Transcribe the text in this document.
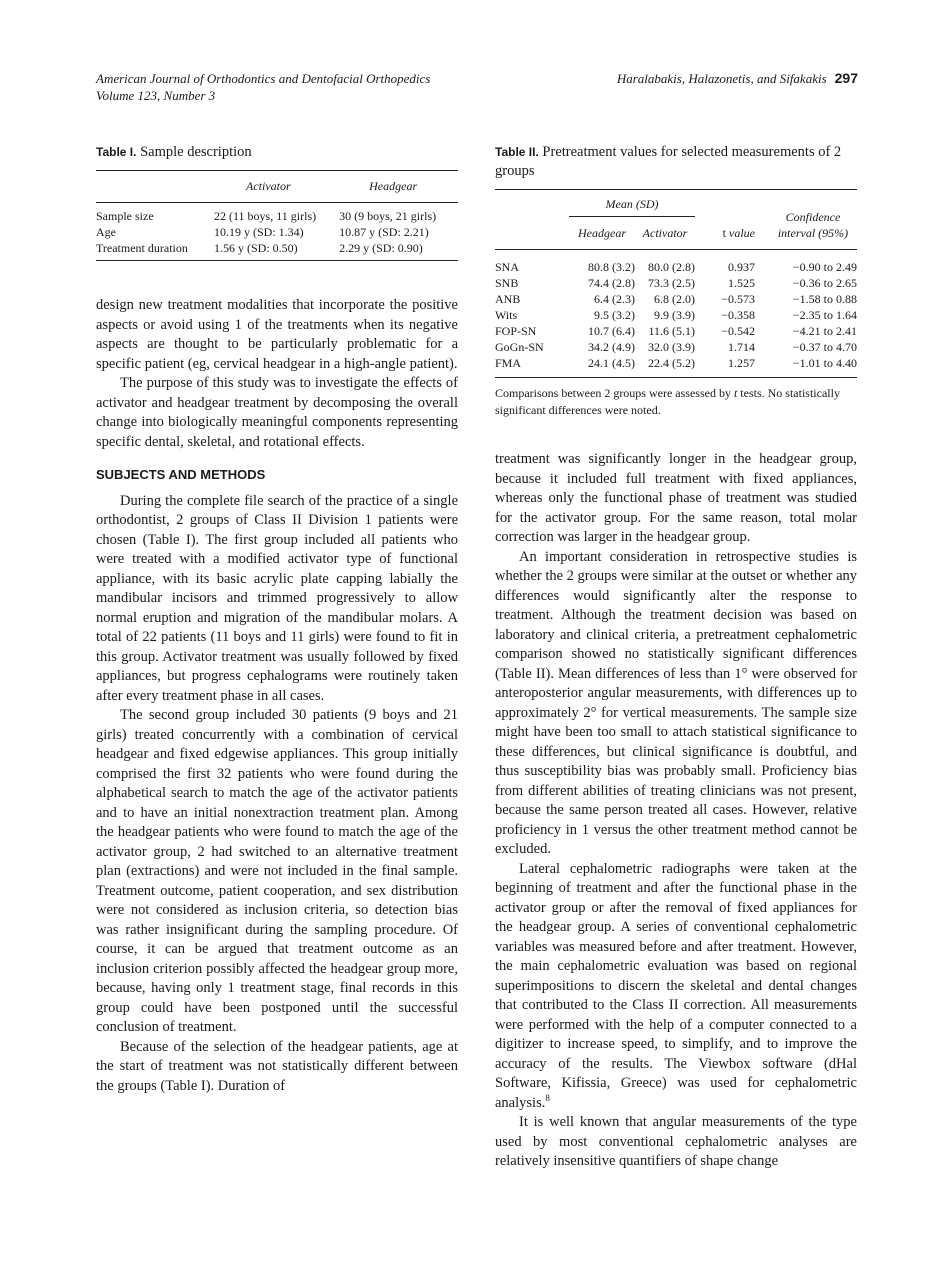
American Journal of Orthodontics and Dentofacial Orthopedics
Volume 123, Number 3
Haralabakis, Halazonetis, and Sifakakis 297
Table I. Sample description
	Activator	Headgear
Sample size	22 (11 boys, 11 girls)	30 (9 boys, 21 girls)
Age	10.19 y (SD: 1.34)	10.87 y (SD: 2.21)
Treatment duration	1.56 y (SD: 0.50)	2.29 y (SD: 0.90)

design new treatment modalities that incorporate the positive aspects or avoid using 1 of the treatments when its negative aspects are thought to be particularly problematic for a specific patient (eg, cervical headgear in a high-angle patient).

The purpose of this study was to investigate the effects of activator and headgear treatment by decomposing the overall change into biologically meaningful components representing specific dental, skeletal, and rotational effects.

SUBJECTS AND METHODS

During the complete file search of the practice of a single orthodontist, 2 groups of Class II Division 1 patients were chosen (Table I). The first group included all patients who were treated with a modified activator type of functional appliance, with its basic acrylic plate capping labially the mandibular incisors and trimmed progressively to allow normal eruption and migration of the mandibular molars. A total of 22 patients (11 boys and 11 girls) were found to fit in this group. Activator treatment was usually followed by fixed appliances, but progress cephalograms were routinely taken after every treatment phase in all cases.

The second group included 30 patients (9 boys and 21 girls) treated concurrently with a combination of cervical headgear and fixed edgewise appliances. This group initially comprised the first 32 patients who were found during the alphabetical search to match the age of the activator patients and to have an initial nonextraction treatment plan. Among the headgear patients who were found to match the age of the activator group, 2 had switched to an alternative treatment plan (extractions) and were not included in the final sample. Treatment outcome, patient cooperation, and sex distribution were not considered as inclusion criteria, so detection bias was rather insignificant during the sampling procedure. Of course, it can be argued that treatment outcome as an inclusion criterion possibly affected the headgear group more, because, having only 1 treatment stage, final records in this group could have been postponed until the successful conclusion of treatment.

Because of the selection of the headgear patients, age at the start of treatment was not statistically different between the groups (Table I). Duration of

Table II. Pretreatment values for selected measurements of 2 groups
	Mean (SD)			Confidence
interval (95%)
	Headgear	Activator	t value	
SNA	80.8 (3.2)	80.0 (2.8)	0.937	−0.90 to 2.49
SNB	74.4 (2.8)	73.3 (2.5)	1.525	−0.36 to 2.65
ANB	6.4 (2.3)	6.8 (2.0)	−0.573	−1.58 to 0.88
Wits	9.5 (3.2)	9.9 (3.9)	−0.358	−2.35 to 1.64
FOP-SN	10.7 (6.4)	11.6 (5.1)	−0.542	−4.21 to 2.41
GoGn-SN	34.2 (4.9)	32.0 (3.9)	1.714	−0.37 to 4.70
FMA	24.1 (4.5)	22.4 (5.2)	1.257	−1.01 to 4.40
Comparisons between 2 groups were assessed by t tests. No statistically significant differences were noted.

treatment was significantly longer in the headgear group, because it included full treatment with fixed appliances, whereas only the functional phase of treatment was studied for the activator group. For the same reason, total molar correction was larger in the headgear group.

An important consideration in retrospective studies is whether the 2 groups were similar at the outset or whether any differences would significantly alter the response to treatment. Although the treatment decision was based on laboratory and clinical criteria, a pretreatment cephalometric comparison showed no statistically significant differences (Table II). Mean differences of less than 1° were observed for anteroposterior angular measurements, with differences up to approximately 2° for vertical measurements. The sample size might have been too small to attach statistical significance to these differences, but clinical significance is doubtful, and thus susceptibility bias was probably small. Proficiency bias from different abilities of treating clinicians was not present, because the same person treated all cases. However, relative proficiency in 1 versus the other treatment method cannot be excluded.

Lateral cephalometric radiographs were taken at the beginning of treatment and after the functional phase in the activator group or after the removal of fixed appliances for the headgear group. A series of conventional cephalometric variables was measured before and after treatment. However, the main cephalometric evaluation was based on regional superimpositions to discern the skeletal and dental changes that contributed to the Class II correction. All measurements were performed with the help of a computer connected to a digitizer to increase speed, to simplify, and to improve the accuracy of the results. The Viewbox software (dHal Software, Kifissia, Greece) was used for cephalometric analysis.$^8$

It is well known that angular measurements of the type used by most conventional cephalometric analyses are relatively insensitive quantifiers of shape change
